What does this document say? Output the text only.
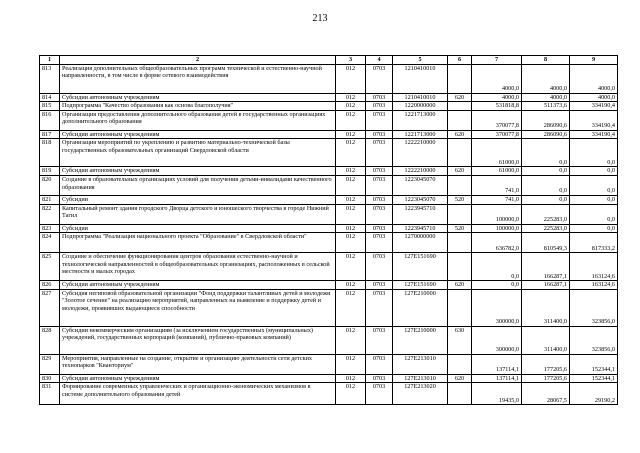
213
1	2	3	4	5	6	7	8	9
813	Реализация дополнительных общеобразовательных программ технической и естественно-научной направленности, в том числе в форме сетевого взаимодействия	012	0703	1210410010		4000,0	4000,0	4000,0
814	Субсидии автономным учреждениям	012	0703	1210410010	620	4000,0	4000,0	4000,0
815	Подпрограмма "Качество образования как основа благополучия"	012	0703	1220000000		531818,8	511373,6	334190,4
816	Организация предоставления дополнительного образования детей в государственных организациях дополнительного образования	012	0703	1221713000		370077,8	286090,6	334190,4
817	Субсидии автономным учреждениям	012	0703	1221713000	620	370077,8	286090,6	334190,4
818	Организация мероприятий по укреплению и развитию материально-технической базы государственных образовательных организаций Свердловской области	012	0703	1222210000		61000,0	0,0	0,0
819	Субсидии автономным учреждениям	012	0703	1222210000	620	61000,0	0,0	0,0
820	Создание в образовательных организациях условий для получения детьми-инвалидами качественного образования	012	0703	1223045070		741,0	0,0	0,0
821	Субсидии	012	0703	1223045070	520	741,0	0,0	0,0
822	Капитальный ремонт здания городского Дворца детского и юношеского творчества в городе Нижний Тагил	012	0703	1223945710		100000,0	225283,0	0,0
823	Субсидии	012	0703	1223945710	520	100000,0	225283,0	0,0
824	Подпрограмма "Реализация национального проекта "Образование" в Свердловской области"	012	0703	1270000000		636782,0	810549,3	817333,2
825	Создание и обеспечение функционирования центров образования естественно-научной и технологической направленностей в общеобразовательных организациях, расположенных в сельской местности и малых городах	012	0703	127E151690		0,0	166287,1	163124,6
826	Субсидии автономным учреждениям	012	0703	127E151690	620	0,0	166287,1	163124,6
827	Субсидия негиповой образовательной организации "Фонд поддержки талантливых детей и молодежи "Золотое сечение" на реализацию мероприятий, направленных на выявление и поддержку детей и молодежи, проявивших выдающиеся способности	012	0703	127E210000		300000,0	311400,0	323856,0
828	Субсидии некоммерческим организациям (за исключением государственных (муниципальных) учреждений, государственных корпораций (компаний), публично-правовых компаний)	012	0703	127E210000	630	300000,0	311400,0	323856,0
829	Мероприятия, направленные на создание, открытие и организацию деятельности сети детских технопарков "Кванториум"	012	0703	127E213010		137114,1	177205,6	152344,1
830	Субсидии автономным учреждениям	012	0703	127E213010	620	137114,1	177205,6	152344,1
831	Формирование современных управленческих и организационно-экономических механизмов в системе дополнительного образования детей	012	0703	127E213020		19435,0	28067,5	29190,2
